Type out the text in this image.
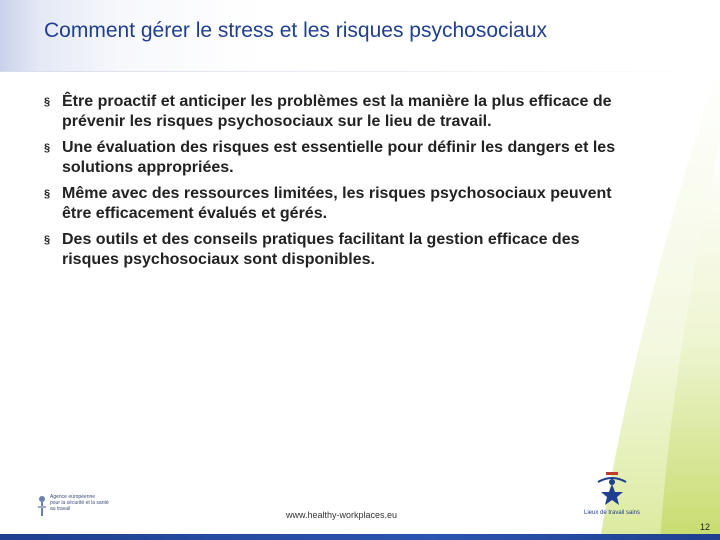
Comment gérer le stress et les risques psychosociaux
§ Être proactif et anticiper les problèmes est la manière la plus efficace de prévenir les risques psychosociaux sur le lieu de travail.
§ Une évaluation des risques est essentielle pour définir les dangers et les solutions appropriées.
§ Même avec des ressources limitées, les risques psychosociaux peuvent être efficacement évalués et gérés.
§ Des outils et des conseils pratiques facilitant la gestion efficace des risques psychosociaux sont disponibles.
Agence européenne
pour la sécurité et la santé
au travail
www.healthy-workplaces.eu	Lieux de travail sains
12
